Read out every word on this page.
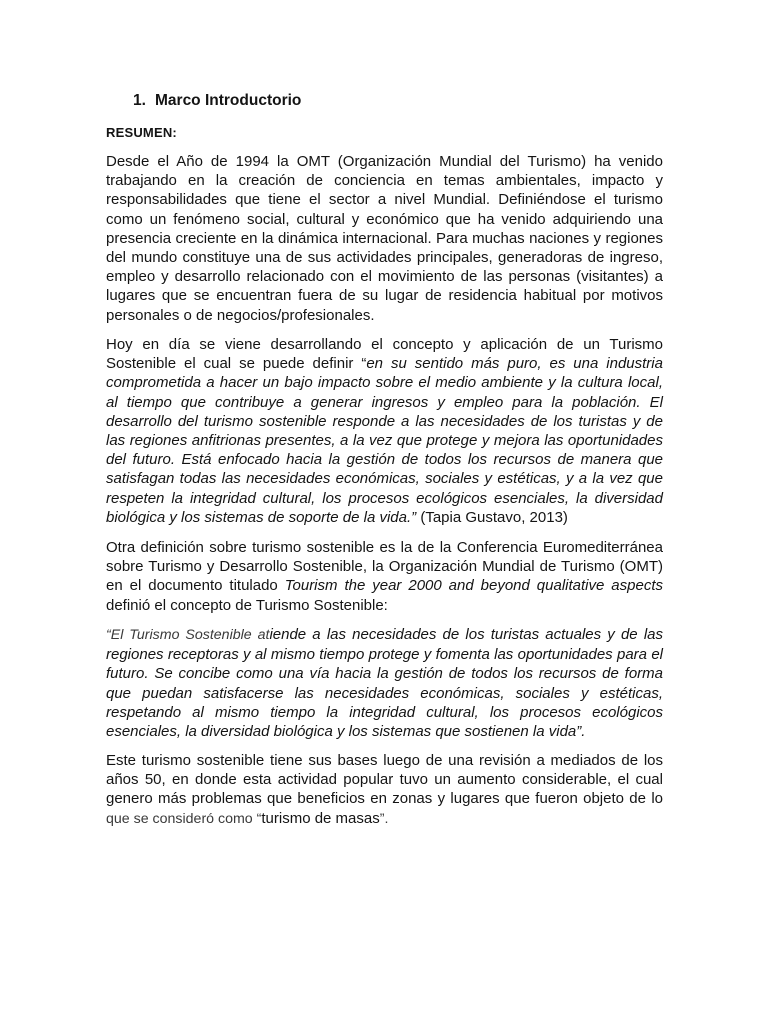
1. Marco Introductorio
RESUMEN:

Desde el Año de 1994 la OMT (Organización Mundial del Turismo) ha venido trabajando en la creación de conciencia en temas ambientales, impacto y responsabilidades que tiene el sector a nivel Mundial. Definiéndose el turismo como un fenómeno social, cultural y económico que ha venido adquiriendo una presencia creciente en la dinámica internacional. Para muchas naciones y regiones del mundo constituye una de sus actividades principales, generadoras de ingreso, empleo y desarrollo relacionado con el movimiento de las personas (visitantes) a lugares que se encuentran fuera de su lugar de residencia habitual por motivos personales o de negocios/profesionales.

Hoy en día se viene desarrollando el concepto y aplicación de un Turismo Sostenible el cual se puede definir “en su sentido más puro, es una industria comprometida a hacer un bajo impacto sobre el medio ambiente y la cultura local, al tiempo que contribuye a generar ingresos y empleo para la población. El desarrollo del turismo sostenible responde a las necesidades de los turistas y de las regiones anfitrionas presentes, a la vez que protege y mejora las oportunidades del futuro. Está enfocado hacia la gestión de todos los recursos de manera que satisfagan todas las necesidades económicas, sociales y estéticas, y a la vez que respeten la integridad cultural, los procesos ecológicos esenciales, la diversidad biológica y los sistemas de soporte de la vida.” (Tapia Gustavo, 2013)

Otra definición sobre turismo sostenible es la de la Conferencia Euromediterránea sobre Turismo y Desarrollo Sostenible, la Organización Mundial de Turismo (OMT) en el documento titulado Tourism the year 2000 and beyond qualitative aspects definió el concepto de Turismo Sostenible:

“El Turismo Sostenible atiende a las necesidades de los turistas actuales y de las regiones receptoras y al mismo tiempo protege y fomenta las oportunidades para el futuro. Se concibe como una vía hacia la gestión de todos los recursos de forma que puedan satisfacerse las necesidades económicas, sociales y estéticas, respetando al mismo tiempo la integridad cultural, los procesos ecológicos esenciales, la diversidad biológica y los sistemas que sostienen la vida”.

Este turismo sostenible tiene sus bases luego de una revisión a mediados de los años 50, en donde esta actividad popular tuvo un aumento considerable, el cual genero más problemas que beneficios en zonas y lugares que fueron objeto de lo que se consideró como “turismo de masas”.
